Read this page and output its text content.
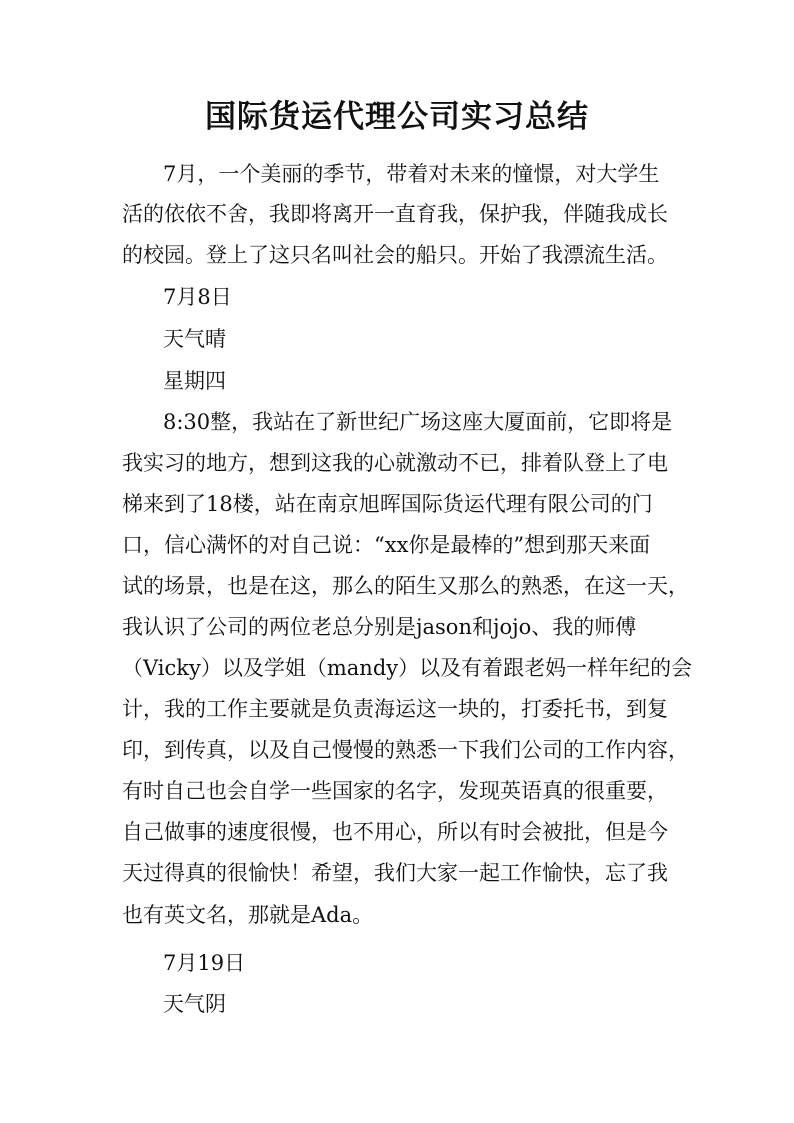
国际货运代理公司实习总结
7月，一个美丽的季节，带着对未来的憧憬，对大学生
活的依依不舍，我即将离开一直育我，保护我，伴随我成长
的校园。登上了这只名叫社会的船只。开始了我漂流生活。
7月8日
天气晴
星期四
8:30整，我站在了新世纪广场这座大厦面前，它即将是
我实习的地方，想到这我的心就激动不已，排着队登上了电
梯来到了18楼，站在南京旭晖国际货运代理有限公司的门
口，信心满怀的对自己说：“xx你是最棒的”想到那天来面
试的场景，也是在这，那么的陌生又那么的熟悉，在这一天，
我认识了公司的两位老总分别是jason和jojo、我的师傅
（Vicky）以及学姐（mandy）以及有着跟老妈一样年纪的会
计，我的工作主要就是负责海运这一块的，打委托书，到复
印，到传真，以及自己慢慢的熟悉一下我们公司的工作内容，
有时自己也会自学一些国家的名字，发现英语真的很重要，
自己做事的速度很慢，也不用心，所以有时会被批，但是今
天过得真的很愉快！希望，我们大家一起工作愉快，忘了我
也有英文名，那就是Ada。
7月19日
天气阴
